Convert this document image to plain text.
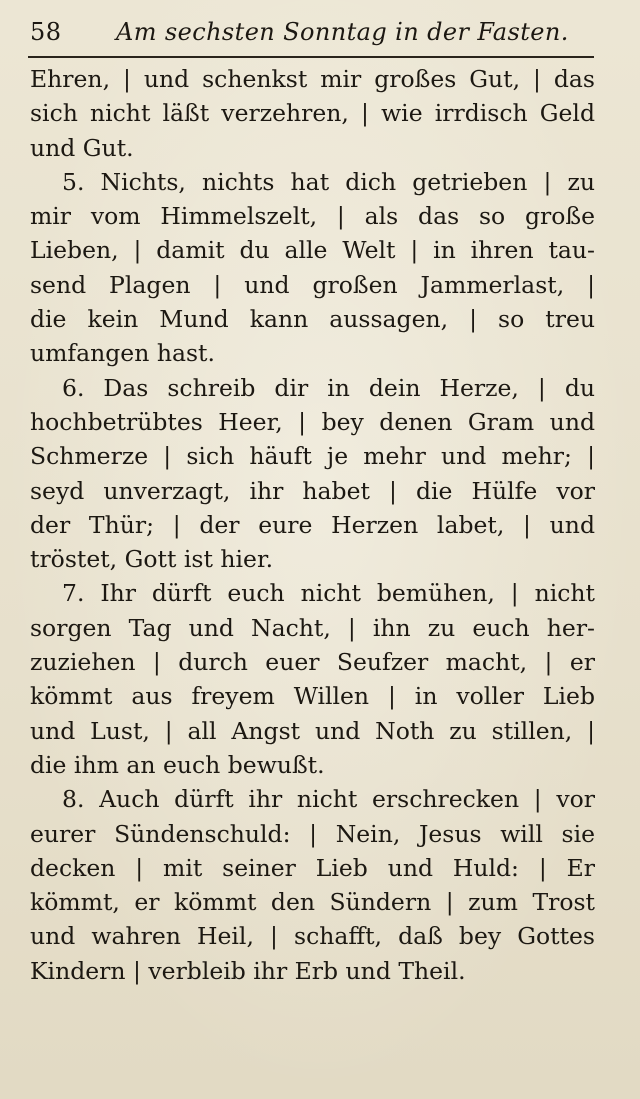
58 Am sechsten Sonntag in der Fasten.
Ehren, | und schenkst mir großes Gut, | das
sich nicht läßt verzehren, | wie irrdisch Geld
und Gut.
5. Nichts, nichts hat dich getrieben | zu
mir vom Himmelszelt, | als das so große
Lieben, | damit du alle Welt | in ihren tau-
send Plagen | und großen Jammerlast, |
die kein Mund kann aussagen, | so treu
umfangen hast.
6. Das schreib dir in dein Herze, | du
hochbetrübtes Heer, | bey denen Gram und
Schmerze | sich häuft je mehr und mehr; |
seyd unverzagt, ihr habet | die Hülfe vor
der Thür; | der eure Herzen labet, | und
tröstet, Gott ist hier.
7. Ihr dürft euch nicht bemühen, | nicht
sorgen Tag und Nacht, | ihn zu euch her-
zuziehen | durch euer Seufzer macht, | er
kömmt aus freyem Willen | in voller Lieb
und Lust, | all Angst und Noth zu stillen, |
die ihm an euch bewußt.
8. Auch dürft ihr nicht erschrecken | vor
eurer Sündenschuld: | Nein, Jesus will sie
decken | mit seiner Lieb und Huld: | Er
kömmt, er kömmt den Sündern | zum Trost
und wahren Heil, | schafft, daß bey Gottes
Kindern | verbleib ihr Erb und Theil.
